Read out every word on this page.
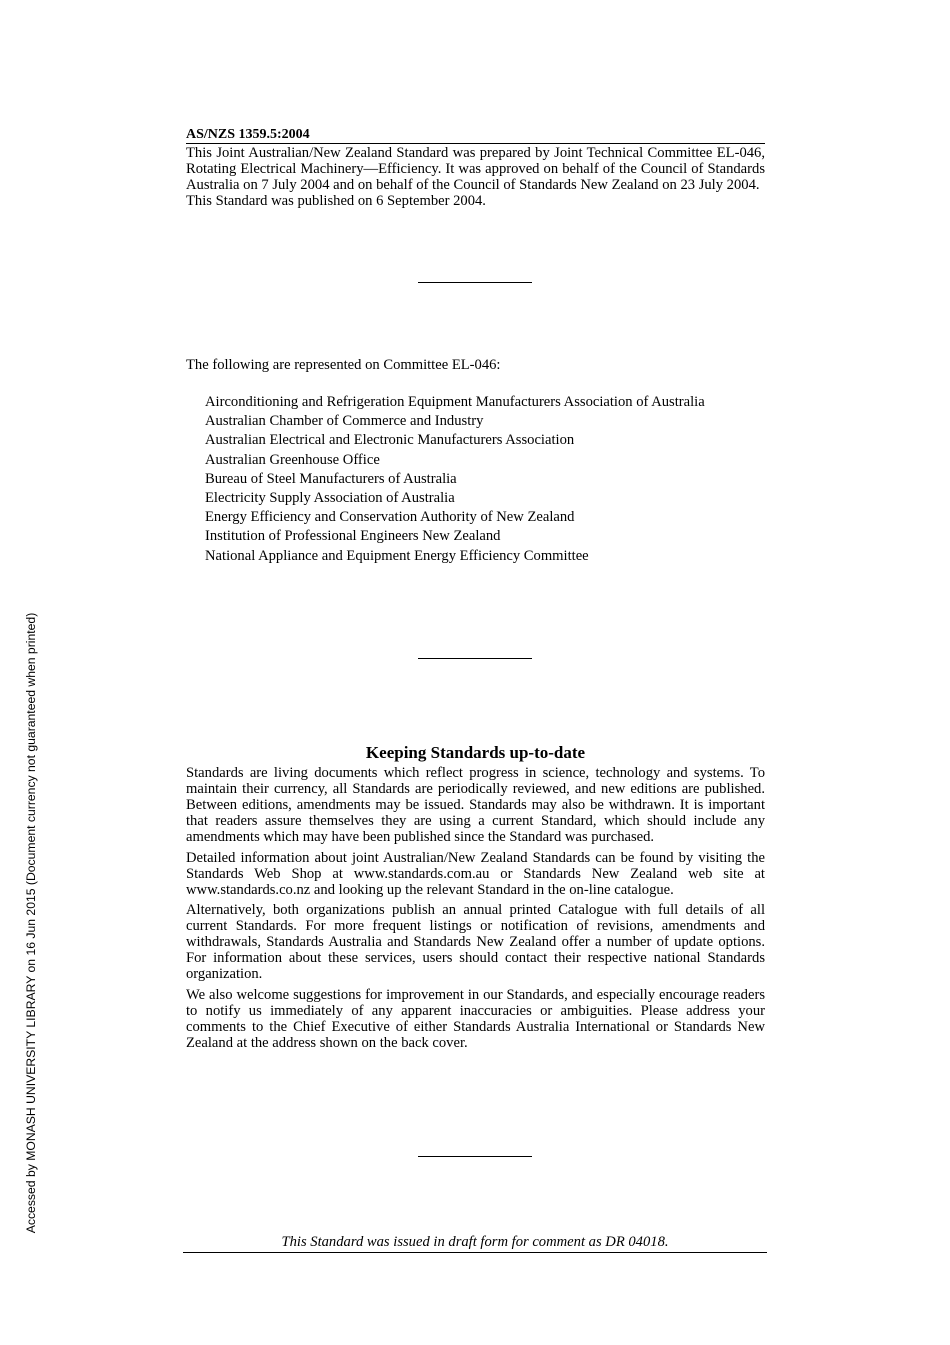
AS/NZS 1359.5:2004

This Joint Australian/New Zealand Standard was prepared by Joint Technical Committee EL-046, Rotating Electrical Machinery—Efficiency. It was approved on behalf of the Council of Standards Australia on 7 July 2004 and on behalf of the Council of Standards New Zealand on 23 July 2004.

This Standard was published on 6 September 2004.

The following are represented on Committee EL-046:
Airconditioning and Refrigeration Equipment Manufacturers Association of Australia
Australian Chamber of Commerce and Industry
Australian Electrical and Electronic Manufacturers Association
Australian Greenhouse Office
Bureau of Steel Manufacturers of Australia
Electricity Supply Association of Australia
Energy Efficiency and Conservation Authority of New Zealand
Institution of Professional Engineers New Zealand
National Appliance and Equipment Energy Efficiency Committee
Keeping Standards up-to-date

Standards are living documents which reflect progress in science, technology and systems. To maintain their currency, all Standards are periodically reviewed, and new editions are published. Between editions, amendments may be issued. Standards may also be withdrawn. It is important that readers assure themselves they are using a current Standard, which should include any amendments which may have been published since the Standard was purchased.

Detailed information about joint Australian/New Zealand Standards can be found by visiting the Standards Web Shop at www.standards.com.au or Standards New Zealand web site at www.standards.co.nz and looking up the relevant Standard in the on-line catalogue.

Alternatively, both organizations publish an annual printed Catalogue with full details of all current Standards. For more frequent listings or notification of revisions, amendments and withdrawals, Standards Australia and Standards New Zealand offer a number of update options. For information about these services, users should contact their respective national Standards organization.

We also welcome suggestions for improvement in our Standards, and especially encourage readers to notify us immediately of any apparent inaccuracies or ambiguities. Please address your comments to the Chief Executive of either Standards Australia International or Standards New Zealand at the address shown on the back cover.

This Standard was issued in draft form for comment as DR 04018.
Accessed by MONASH UNIVERSITY LIBRARY on 16 Jun 2015 (Document currency not guaranteed when printed)
